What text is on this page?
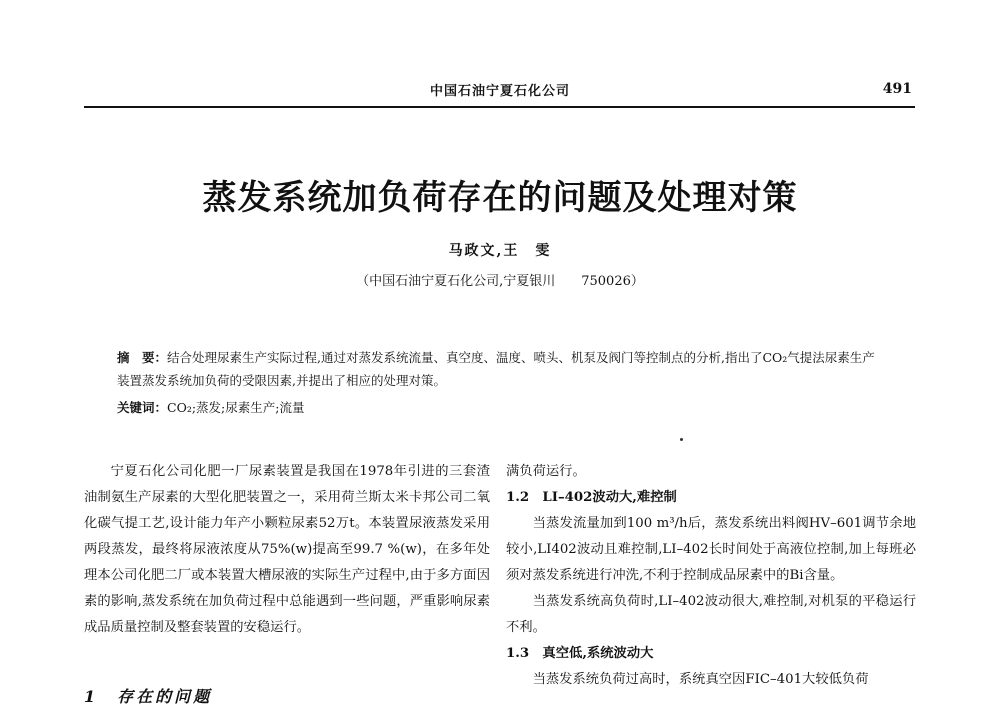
中国石油宁夏石化公司	491
蒸发系统加负荷存在的问题及处理对策
马政文,王　雯
（中国石油宁夏石化公司,宁夏银川　　750026）
摘　要：结合处理尿素生产实际过程,通过对蒸发系统流量、真空度、温度、喷头、机泵及阀门等控制点的分析,指出了CO₂气提法尿素生产装置蒸发系统加负荷的受限因素,并提出了相应的处理对策。
关键词：CO₂;蒸发;尿素生产;流量

宁夏石化公司化肥一厂尿素装置是我国在1978年引进的三套渣油制氨生产尿素的大型化肥装置之一，采用荷兰斯太米卡邦公司二氧化碳气提工艺,设计能力年产小颗粒尿素52万t。本装置尿液蒸发采用两段蒸发，最终将尿液浓度从75%(w)提高至99.7 %(w)，在多年处理本公司化肥二厂或本装置大槽尿液的实际生产过程中,由于多方面因素的影响,蒸发系统在加负荷过程中总能遇到一些问题，严重影响尿素成品质量控制及整套装置的安稳运行。

1　存在的问题

满负荷运行。

1.2　LI–402波动大,难控制

当蒸发流量加到100 m³/h后，蒸发系统出料阀HV–601调节余地较小,LI402波动且难控制,LI–402长时间处于高液位控制,加上每班必须对蒸发系统进行冲洗,不利于控制成品尿素中的Bi含量。

当蒸发系统高负荷时,LI–402波动很大,难控制,对机泵的平稳运行不利。

1.3　真空低,系统波动大

当蒸发系统负荷过高时，系统真空因FIC–401大较低负荷
